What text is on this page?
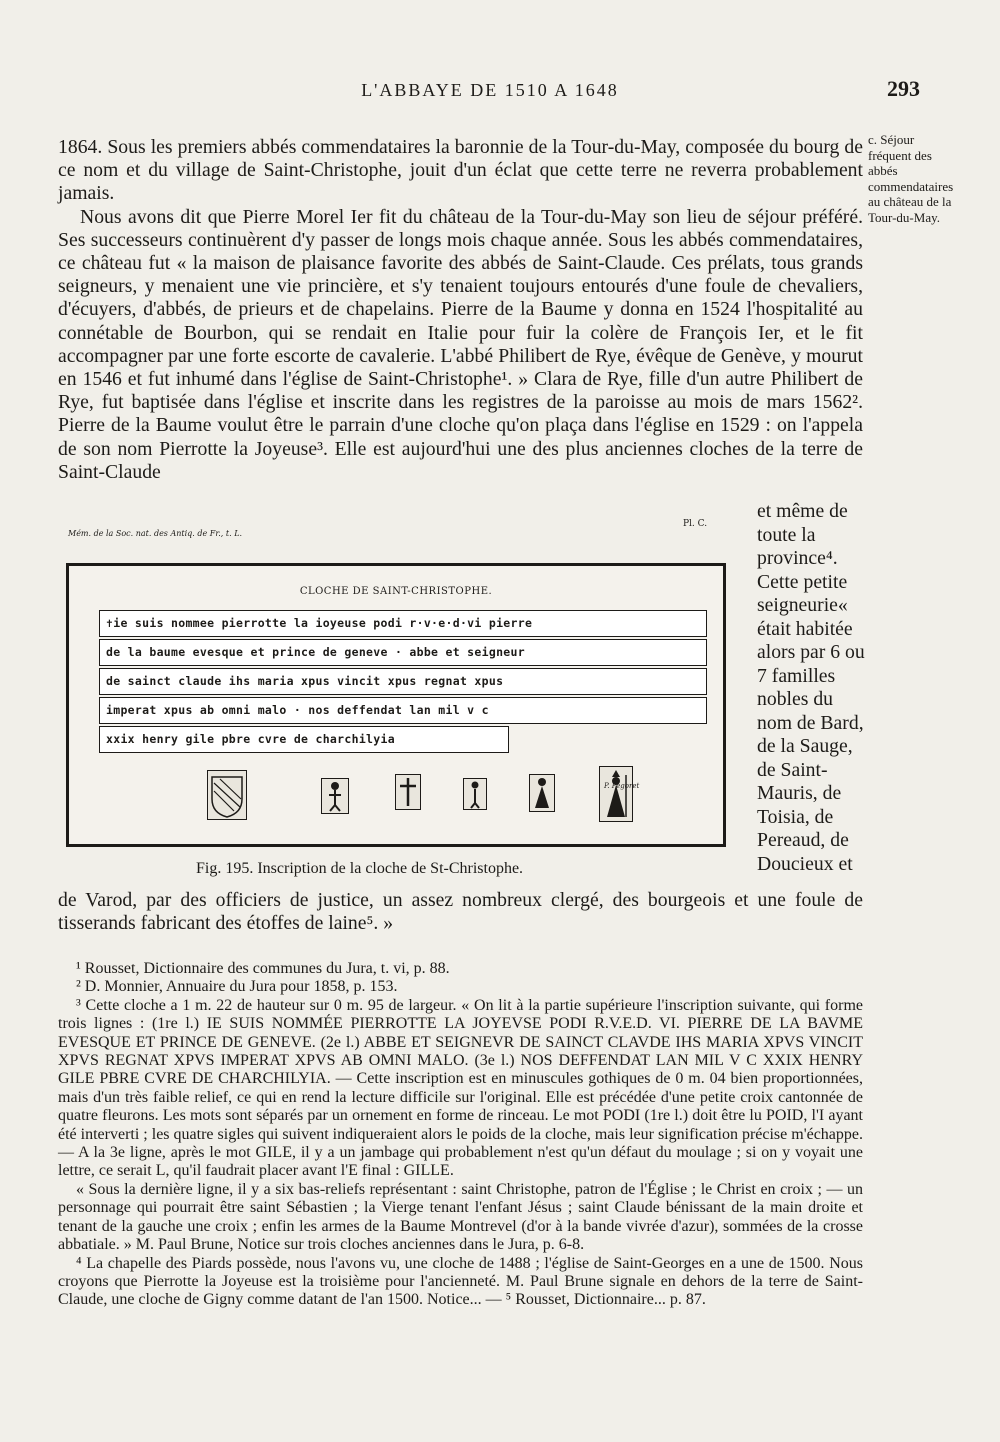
L'ABBAYE DE 1510 A 1648	293
c. Séjour fréquent des abbés commendataires au château de la Tour-du-May.

1864. Sous les premiers abbés commendataires la baronnie de la Tour-du-May, composée du bourg de ce nom et du village de Saint-Christophe, jouit d'un éclat que cette terre ne reverra probablement jamais.

Nous avons dit que Pierre Morel Ier fit du château de la Tour-du-May son lieu de séjour préféré. Ses successeurs continuèrent d'y passer de longs mois chaque année. Sous les abbés commendataires, ce château fut « la maison de plaisance favorite des abbés de Saint-Claude. Ces prélats, tous grands seigneurs, y menaient une vie princière, et s'y tenaient toujours entourés d'une foule de chevaliers, d'écuyers, d'abbés, de prieurs et de chapelains. Pierre de la Baume y donna en 1524 l'hospitalité au connétable de Bourbon, qui se rendait en Italie pour fuir la colère de François Ier, et le fit accompagner par une forte escorte de cavalerie. L'abbé Philibert de Rye, évêque de Genève, y mourut en 1546 et fut inhumé dans l'église de Saint-Christophe¹. » Clara de Rye, fille d'un autre Philibert de Rye, fut baptisée dans l'église et inscrite dans les registres de la paroisse au mois de mars 1562². Pierre de la Baume voulut être le parrain d'une cloche qu'on plaça dans l'église en 1529 : on l'appela de son nom Pierrotte la Joyeuse³. Elle est aujourd'hui une des plus anciennes cloches de la terre de Saint-Claude

Mém. de la Soc. nat. des Antiq. de Fr., t. L.
Pl. C.
CLOCHE DE SAINT-CHRISTOPHE.
✝ie suis nommee pierrotte la ioyeuse podi r·v·e·d·vi pierre
de la baume evesque et prince de geneve · abbe et seigneur
de sainct claude ihs maria xpus vincit xpus regnat xpus
imperat xpus ab omni malo · nos deffendat lan mil v c
xxix henry gile pbre cvre de charchilyia
P. Pegoret
Fig. 195. Inscription de la cloche de St-Christophe.

et même de toute la province⁴. Cette petite seigneurie« était habitée alors par 6 ou 7 familles nobles du nom de Bard, de la Sauge, de Saint-Mauris, de Toisia, de Pereaud, de Doucieux et

de Varod, par des officiers de justice, un assez nombreux clergé, des bourgeois et une foule de tisserands fabricant des étoffes de laine⁵. »

¹ Rousset, Dictionnaire des communes du Jura, t. vi, p. 88.

² D. Monnier, Annuaire du Jura pour 1858, p. 153.

³ Cette cloche a 1 m. 22 de hauteur sur 0 m. 95 de largeur. « On lit à la partie supérieure l'inscription suivante, qui forme trois lignes : (1re l.) IE SUIS NOMMÉE PIERROTTE LA JOYEVSE PODI R.V.E.D. VI. PIERRE DE LA BAVME EVESQUE ET PRINCE DE GENEVE. (2e l.) ABBE ET SEIGNEVR DE SAINCT CLAVDE IHS MARIA XPVS VINCIT XPVS REGNAT XPVS IMPERAT XPVS AB OMNI MALO. (3e l.) NOS DEFFENDAT LAN MIL V C XXIX HENRY GILE PBRE CVRE DE CHARCHILYIA. — Cette inscription est en minuscules gothiques de 0 m. 04 bien proportionnées, mais d'un très faible relief, ce qui en rend la lecture difficile sur l'original. Elle est précédée d'une petite croix cantonnée de quatre fleurons. Les mots sont séparés par un ornement en forme de rinceau. Le mot PODI (1re l.) doit être lu POID, l'I ayant été interverti ; les quatre sigles qui suivent indiqueraient alors le poids de la cloche, mais leur signification précise m'échappe. — A la 3e ligne, après le mot GILE, il y a un jambage qui probablement n'est qu'un défaut du moulage ; si on y voyait une lettre, ce serait L, qu'il faudrait placer avant l'E final : GILLE.

« Sous la dernière ligne, il y a six bas-reliefs représentant : saint Christophe, patron de l'Église ; le Christ en croix ; — un personnage qui pourrait être saint Sébastien ; la Vierge tenant l'enfant Jésus ; saint Claude bénissant de la main droite et tenant de la gauche une croix ; enfin les armes de la Baume Montrevel (d'or à la bande vivrée d'azur), sommées de la crosse abbatiale. » M. Paul Brune, Notice sur trois cloches anciennes dans le Jura, p. 6-8.

⁴ La chapelle des Piards possède, nous l'avons vu, une cloche de 1488 ; l'église de Saint-Georges en a une de 1500. Nous croyons que Pierrotte la Joyeuse est la troisième pour l'ancienneté. M. Paul Brune signale en dehors de la terre de Saint-Claude, une cloche de Gigny comme datant de l'an 1500. Notice... — ⁵ Rousset, Dictionnaire... p. 87.
